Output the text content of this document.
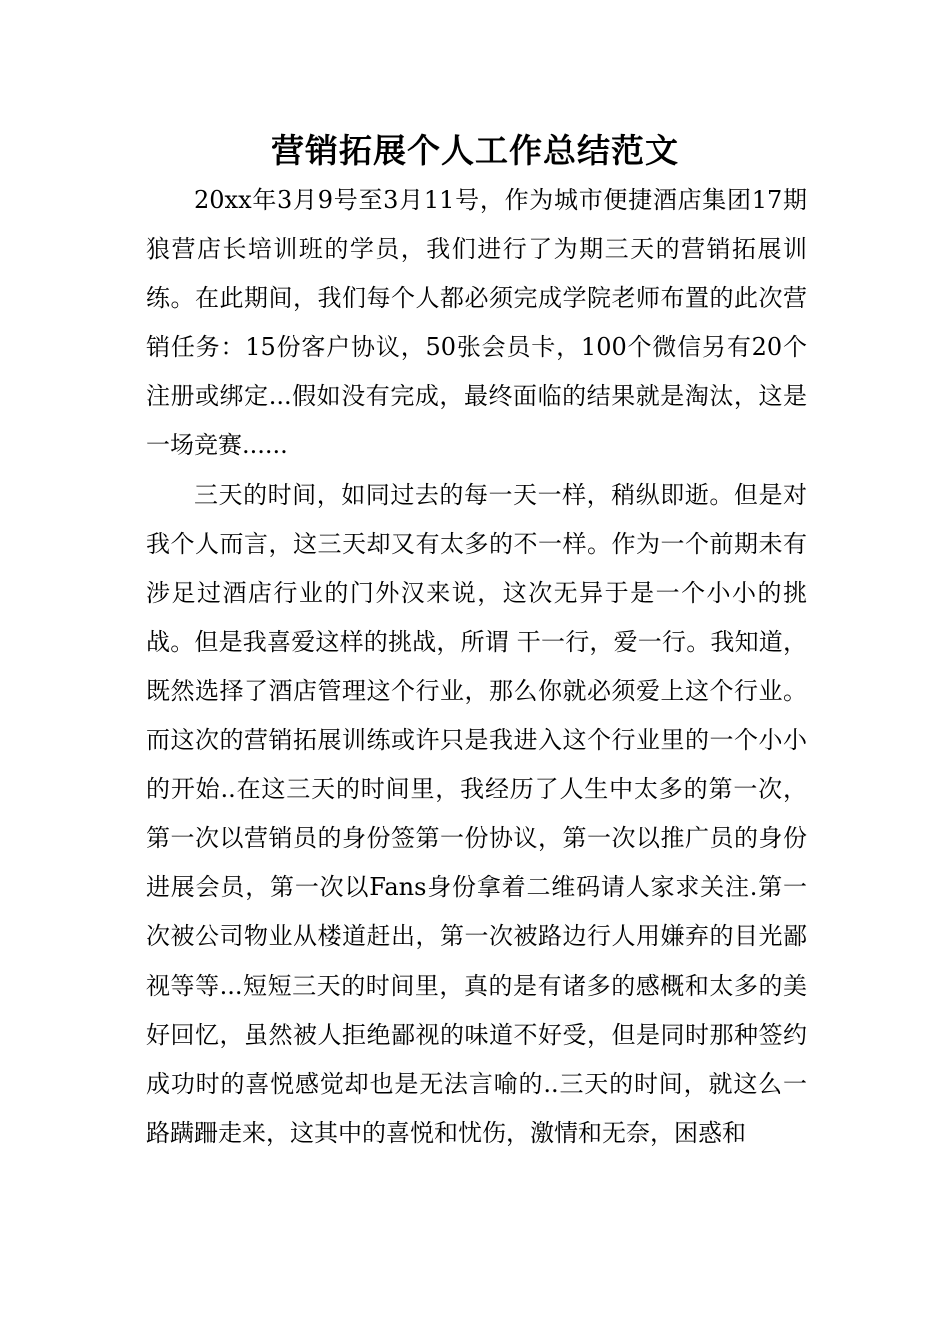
营销拓展个人工作总结范文

20xx年3月9号至3月11号，作为城市便捷酒店集团17期狼营店长培训班的学员，我们进行了为期三天的营销拓展训练。在此期间，我们每个人都必须完成学院老师布置的此次营销任务：15份客户协议，50张会员卡，100个微信另有20个注册或绑定...假如没有完成，最终面临的结果就是淘汰，这是一场竞赛......

三天的时间，如同过去的每一天一样，稍纵即逝。但是对我个人而言，这三天却又有太多的不一样。作为一个前期未有涉足过酒店行业的门外汉来说，这次无异于是一个小小的挑战。但是我喜爱这样的挑战，所谓 干一行，爱一行。我知道，既然选择了酒店管理这个行业，那么你就必须爱上这个行业。而这次的营销拓展训练或许只是我进入这个行业里的一个小小的开始..在这三天的时间里，我经历了人生中太多的第一次，第一次以营销员的身份签第一份协议，第一次以推广员的身份进展会员，第一次以Fans身份拿着二维码请人家求关注.第一次被公司物业从楼道赶出，第一次被路边行人用嫌弃的目光鄙视等等...短短三天的时间里，真的是有诸多的感概和太多的美好回忆，虽然被人拒绝鄙视的味道不好受，但是同时那种签约成功时的喜悦感觉却也是无法言喻的..三天的时间，就这么一路蹒跚走来，这其中的喜悦和忧伤，激情和无奈，困惑和
